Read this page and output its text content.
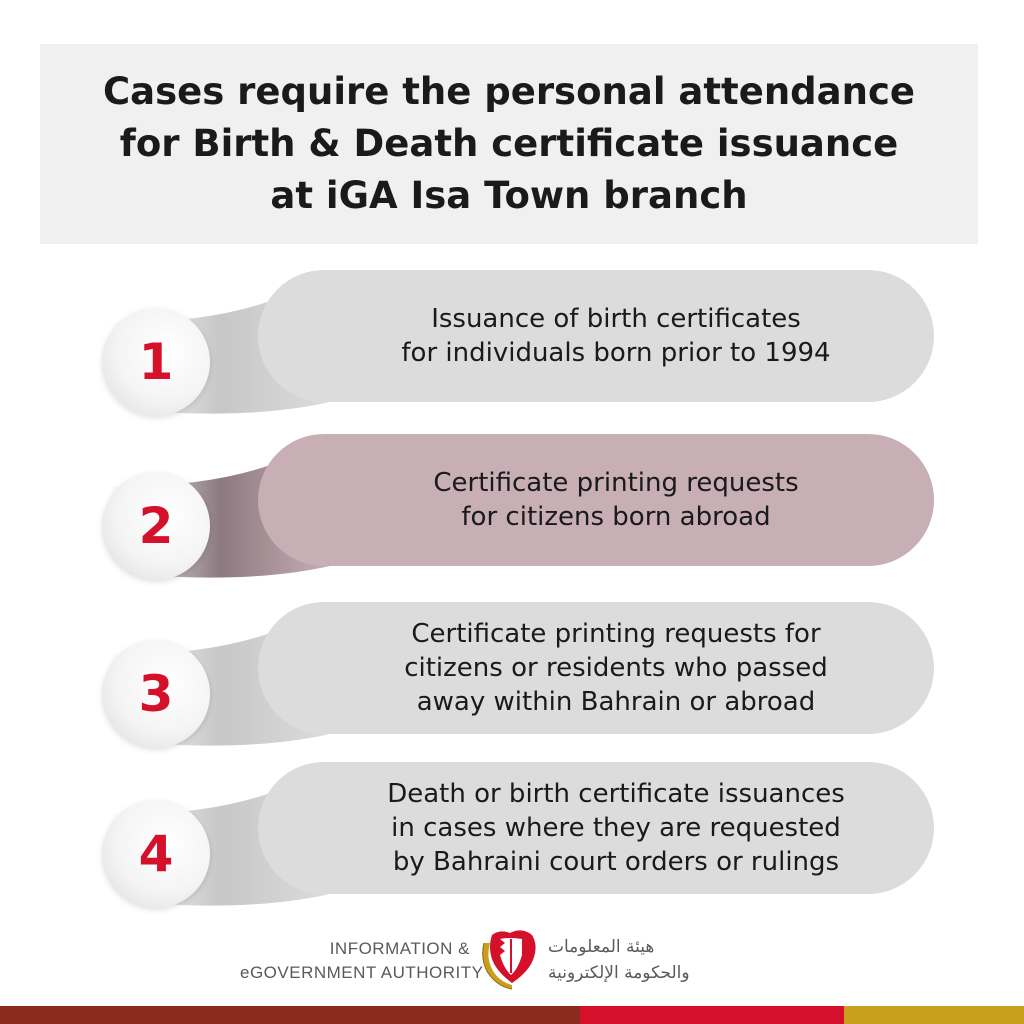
Cases require the personal attendance
for Birth & Death certificate issuance
at iGA Isa Town branch
Issuance of birth certificates
for individuals born prior to 1994
1
Certificate printing requests
for citizens born abroad
2
Certificate printing requests for
citizens or residents who passed
away within Bahrain or abroad
3
Death or birth certificate issuances
in cases where they are requested
by Bahraini court orders or rulings
4
INFORMATION &
eGOVERNMENT AUTHORITY
هيئة المعلومات
والحكومة الإلكترونية
